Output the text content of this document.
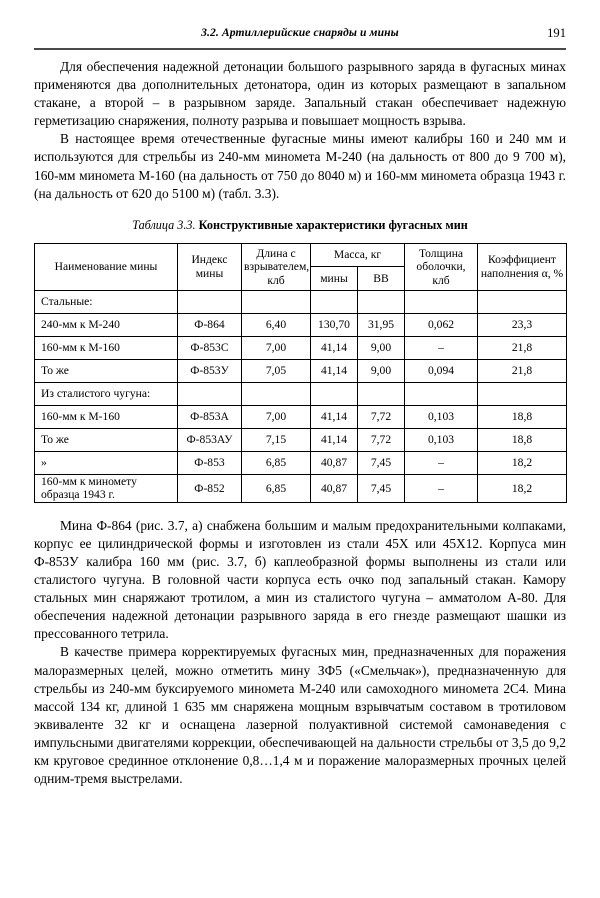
3.2. Артиллерийские снаряды и мины	191

Для обеспечения надежной детонации большого разрывного заряда в фугасных минах применяются два дополнительных детонатора, один из которых размещают в запальном стакане, а второй – в разрывном заряде. Запальный стакан обеспечивает надежную герметизацию снаряжения, полноту разрыва и повышает мощность взрыва.

В настоящее время отечественные фугасные мины имеют калибры 160 и 240 мм и используются для стрельбы из 240-мм миномета М-240 (на дальность от 800 до 9 700 м), 160-мм миномета М-160 (на дальность от 750 до 8040 м) и 160-мм миномета образца 1943 г. (на дальность от 620 до 5100 м) (табл. 3.3).

Таблица 3.3. Конструктивные характеристики фугасных мин

Наименование мины	Индекс мины	Длина с взрывателем, клб	Масса, кг		Толщина оболочки, клб	Коэффициент наполнения α, %
			мины	ВВ		
Стальные:						
240-мм к М-240	Ф-864	6,40	130,70	31,95	0,062	23,3
160-мм к М-160	Ф-853С	7,00	41,14	9,00	–	21,8
То же	Ф-853У	7,05	41,14	9,00	0,094	21,8
Из сталистого чугуна:						
160-мм к М-160	Ф-853А	7,00	41,14	7,72	0,103	18,8
То же	Ф-853АУ	7,15	41,14	7,72	0,103	18,8
»	Ф-853	6,85	40,87	7,45	–	18,2
160-мм к миномету образца 1943 г.	Ф-852	6,85	40,87	7,45	–	18,2

Мина Ф-864 (рис. 3.7, а) снабжена большим и малым предохранительными колпаками, корпус ее цилиндрической формы и изготовлен из стали 45Х или 45Х12. Корпуса мин Ф-853У калибра 160 мм (рис. 3.7, б) каплеобразной формы выполнены из стали или сталистого чугуна. В головной части корпуса есть очко под запальный стакан. Камору стальных мин снаряжают тротилом, а мин из сталистого чугуна – амматолом А-80. Для обеспечения надежной детонации разрывного заряда в его гнезде размещают шашки из прессованного тетрила.

В качестве примера корректируемых фугасных мин, предназначенных для поражения малоразмерных целей, можно отметить мину ЗФ5 («Смельчак»), предназначенную для стрельбы из 240-мм буксируемого миномета М-240 или самоходного миномета 2С4. Мина массой 134 кг, длиной 1 635 мм снаряжена мощным взрывчатым составом в тротиловом эквиваленте 32 кг и оснащена лазерной полуактивной системой самонаведения с импульсными двигателями коррекции, обеспечивающей на дальности стрельбы от 3,5 до 9,2 км круговое срединное отклонение 0,8…1,4 м и поражение малоразмерных прочных целей одним-тремя выстрелами.
